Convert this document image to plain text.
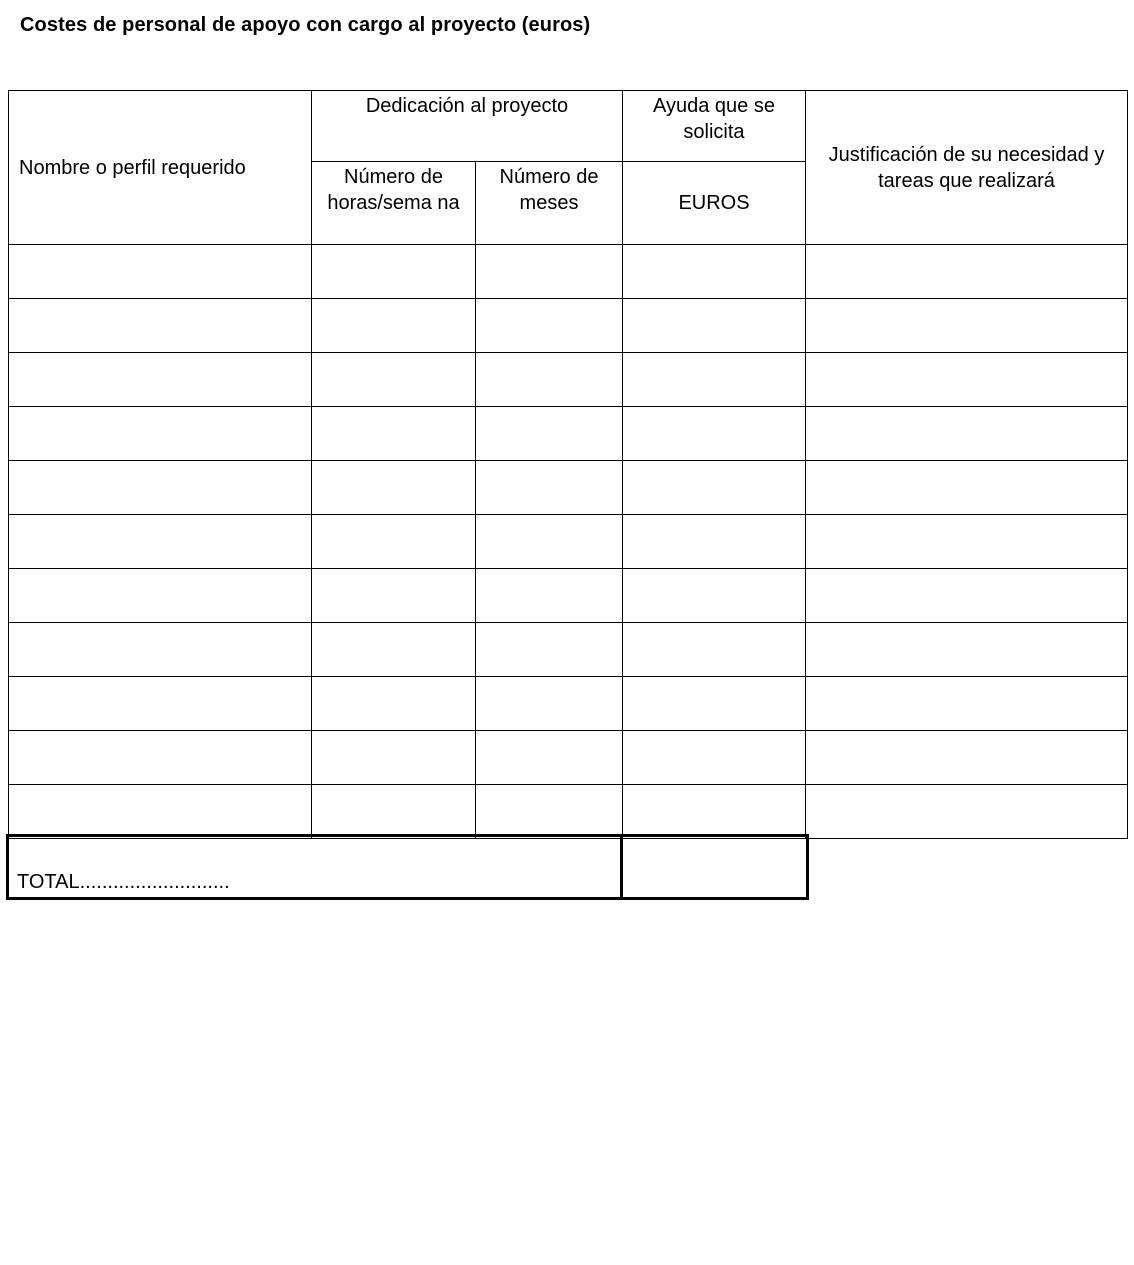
Costes de personal de apoyo con cargo al proyecto (euros)
Nombre o perfil requerido	Dedicación al proyecto		Ayuda que se solicita	Justificación de su necesidad y tareas que realizará
	Número de horas/sema na	Número de meses	EUROS	

TOTAL...........................	
